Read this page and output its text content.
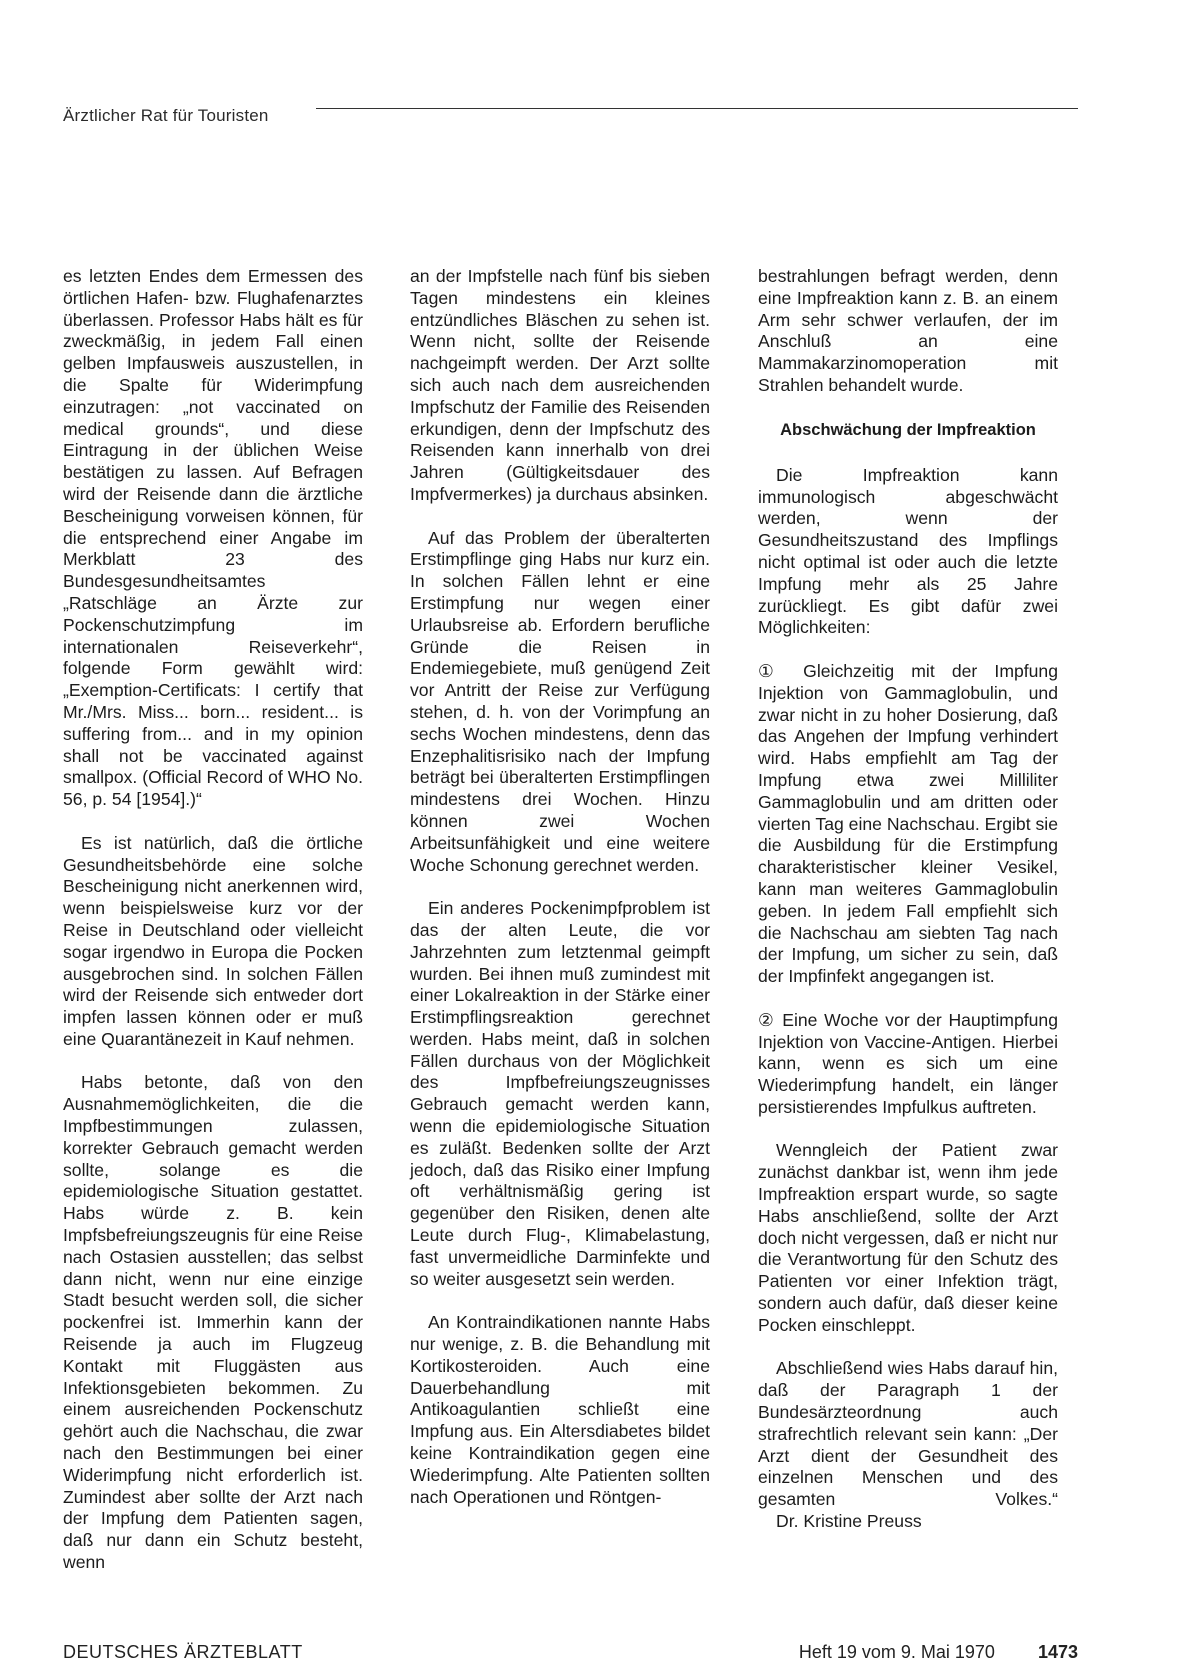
Ärztlicher Rat für Touristen

es letzten Endes dem Ermessen des örtlichen Hafen- bzw. Flughafenarztes überlassen. Professor Habs hält es für zweckmäßig, in jedem Fall einen gelben Impfausweis auszustellen, in die Spalte für Widerimpfung einzutragen: „not vaccinated on medical grounds“, und diese Eintragung in der üblichen Weise bestätigen zu lassen. Auf Befragen wird der Reisende dann die ärztliche Bescheinigung vorweisen können, für die entsprechend einer Angabe im Merkblatt 23 des Bundesgesundheitsamtes „Ratschläge an Ärzte zur Pockenschutzimpfung im internationalen Reiseverkehr“, folgende Form gewählt wird: „Exemption-Certificats: I certify that Mr./Mrs. Miss... born... resident... is suffering from... and in my opinion shall not be vaccinated against smallpox. (Official Record of WHO No. 56, p. 54 [1954].)“

Es ist natürlich, daß die örtliche Gesundheitsbehörde eine solche Bescheinigung nicht anerkennen wird, wenn beispielsweise kurz vor der Reise in Deutschland oder vielleicht sogar irgendwo in Europa die Pocken ausgebrochen sind. In solchen Fällen wird der Reisende sich entweder dort impfen lassen können oder er muß eine Quarantänezeit in Kauf nehmen.

Habs betonte, daß von den Ausnahmemöglichkeiten, die die Impfbestimmungen zulassen, korrekter Gebrauch gemacht werden sollte, solange es die epidemiologische Situation gestattet. Habs würde z. B. kein Impfsbefreiungszeugnis für eine Reise nach Ostasien ausstellen; das selbst dann nicht, wenn nur eine einzige Stadt besucht werden soll, die sicher pockenfrei ist. Immerhin kann der Reisende ja auch im Flugzeug Kontakt mit Fluggästen aus Infektionsgebieten bekommen. Zu einem ausreichenden Pockenschutz gehört auch die Nachschau, die zwar nach den Bestimmungen bei einer Widerimpfung nicht erforderlich ist. Zumindest aber sollte der Arzt nach der Impfung dem Patienten sagen, daß nur dann ein Schutz besteht, wenn

an der Impfstelle nach fünf bis sieben Tagen mindestens ein kleines entzündliches Bläschen zu sehen ist. Wenn nicht, sollte der Reisende nachgeimpft werden. Der Arzt sollte sich auch nach dem ausreichenden Impfschutz der Familie des Reisenden erkundigen, denn der Impfschutz des Reisenden kann innerhalb von drei Jahren (Gültigkeitsdauer des Impfvermerkes) ja durchaus absinken.

Auf das Problem der überalterten Erstimpflinge ging Habs nur kurz ein. In solchen Fällen lehnt er eine Erstimpfung nur wegen einer Urlaubsreise ab. Erfordern berufliche Gründe die Reisen in Endemiegebiete, muß genügend Zeit vor Antritt der Reise zur Verfügung stehen, d. h. von der Vorimpfung an sechs Wochen mindestens, denn das Enzephalitisrisiko nach der Impfung beträgt bei überalterten Erstimpflingen mindestens drei Wochen. Hinzu können zwei Wochen Arbeitsunfähigkeit und eine weitere Woche Schonung gerechnet werden.

Ein anderes Pockenimpfproblem ist das der alten Leute, die vor Jahrzehnten zum letztenmal geimpft wurden. Bei ihnen muß zumindest mit einer Lokalreaktion in der Stärke einer Erstimpflingsreaktion gerechnet werden. Habs meint, daß in solchen Fällen durchaus von der Möglichkeit des Impfbefreiungszeugnisses Gebrauch gemacht werden kann, wenn die epidemiologische Situation es zuläßt. Bedenken sollte der Arzt jedoch, daß das Risiko einer Impfung oft verhältnismäßig gering ist gegenüber den Risiken, denen alte Leute durch Flug-, Klimabelastung, fast unvermeidliche Darminfekte und so weiter ausgesetzt sein werden.

An Kontraindikationen nannte Habs nur wenige, z. B. die Behandlung mit Kortikosteroiden. Auch eine Dauerbehandlung mit Antikoagulantien schließt eine Impfung aus. Ein Altersdiabetes bildet keine Kontraindikation gegen eine Wiederimpfung. Alte Patienten sollten nach Operationen und Röntgen-

bestrahlungen befragt werden, denn eine Impfreaktion kann z. B. an einem Arm sehr schwer verlaufen, der im Anschluß an eine Mammakarzinomoperation mit Strahlen behandelt wurde.

Abschwächung der Impfreaktion

Die Impfreaktion kann immunologisch abgeschwächt werden, wenn der Gesundheitszustand des Impflings nicht optimal ist oder auch die letzte Impfung mehr als 25 Jahre zurückliegt. Es gibt dafür zwei Möglichkeiten:

① Gleichzeitig mit der Impfung Injektion von Gammaglobulin, und zwar nicht in zu hoher Dosierung, daß das Angehen der Impfung verhindert wird. Habs empfiehlt am Tag der Impfung etwa zwei Milliliter Gammaglobulin und am dritten oder vierten Tag eine Nachschau. Ergibt sie die Ausbildung für die Erstimpfung charakteristischer kleiner Vesikel, kann man weiteres Gammaglobulin geben. In jedem Fall empfiehlt sich die Nachschau am siebten Tag nach der Impfung, um sicher zu sein, daß der Impfinfekt angegangen ist.

② Eine Woche vor der Hauptimpfung Injektion von Vaccine-Antigen. Hierbei kann, wenn es sich um eine Wiederimpfung handelt, ein länger persistierendes Impfulkus auftreten.

Wenngleich der Patient zwar zunächst dankbar ist, wenn ihm jede Impfreaktion erspart wurde, so sagte Habs anschließend, sollte der Arzt doch nicht vergessen, daß er nicht nur die Verantwortung für den Schutz des Patienten vor einer Infektion trägt, sondern auch dafür, daß dieser keine Pocken einschleppt.

Abschließend wies Habs darauf hin, daß der Paragraph 1 der Bundesärzteordnung auch strafrechtlich relevant sein kann: „Der Arzt dient der Gesundheit des einzelnen Menschen und des gesamten Volkes.“ Dr. Kristine Preuss

DEUTSCHES ÄRZTEBLATT	Heft 19 vom 9. Mai 1970 1473
